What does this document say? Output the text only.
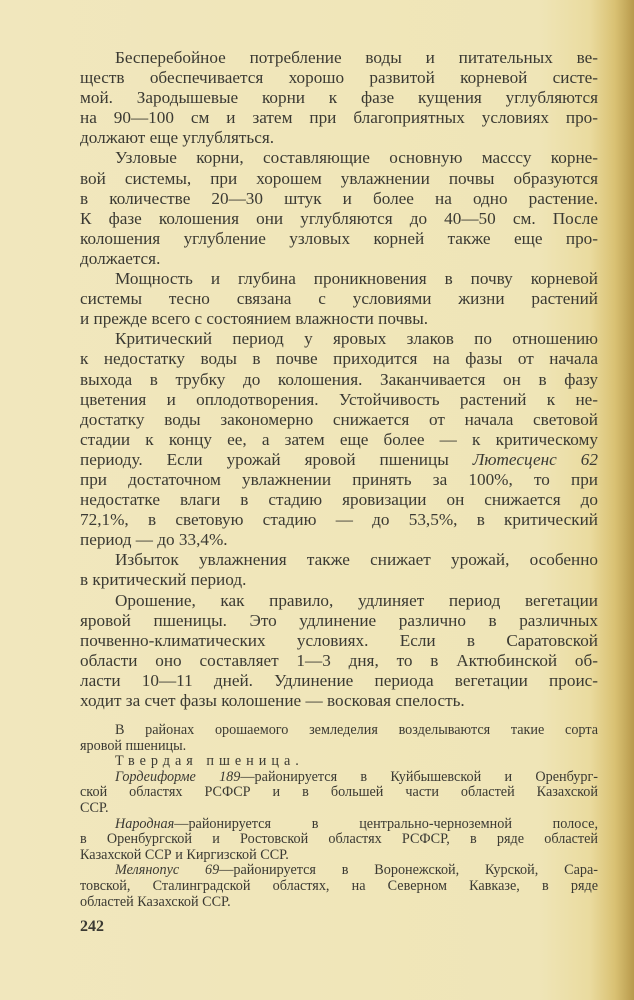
Бесперебойное потребление воды и питательных ве-
ществ обеспечивается хорошо развитой корневой систе-
мой. Зародышевые корни к фазе кущения углубляются
на 90—100 см и затем при благоприятных условиях про-
должают еще углубляться.
Узловые корни, составляющие основную масссу корне-
вой системы, при хорошем увлажнении почвы образуются
в количестве 20—30 штук и более на одно растение.
К фазе колошения они углубляются до 40—50 см. После
колошения углубление узловых корней также еще про-
должается.
Мощность и глубина проникновения в почву корневой
системы тесно связана с условиями жизни растений
и прежде всего с состоянием влажности почвы.
Критический период у яровых злаков по отношению
к недостатку воды в почве приходится на фазы от начала
выхода в трубку до колошения. Заканчивается он в фазу
цветения и оплодотворения. Устойчивость растений к не-
достатку воды закономерно снижается от начала световой
стадии к концу ее, а затем еще более — к критическому
периоду. Если урожай яровой пшеницы Лютесценс 62
при достаточном увлажнении принять за 100%, то при
недостатке влаги в стадию яровизации он снижается до
72,1%, в световую стадию — до 53,5%, в критический
период — до 33,4%.
Избыток увлажнения также снижает урожай, особенно
в критический период.
Орошение, как правило, удлиняет период вегетации
яровой пшеницы. Это удлинение различно в различных
почвенно-климатических условиях. Если в Саратовской
области оно составляет 1—3 дня, то в Актюбинской об-
ласти 10—11 дней. Удлинение периода вегетации проис-
ходит за счет фазы колошение — восковая спелость.
В районах орошаемого земледелия возделываются такие сорта
яровой пшеницы.
Твердая пшеница.
Гордеиформе 189—районируется в Куйбышевской и Оренбург-
ской областях РСФСР и в большей части областей Казахской
ССР.
Народная—районируется в центрально-черноземной полосе,
в Оренбургской и Ростовской областях РСФСР, в ряде областей
Казахской ССР и Киргизской ССР.
Мелянопус 69—районируется в Воронежской, Курской, Сара-
товской, Сталинградской областях, на Северном Кавказе, в ряде
областей Казахской ССР.
242
